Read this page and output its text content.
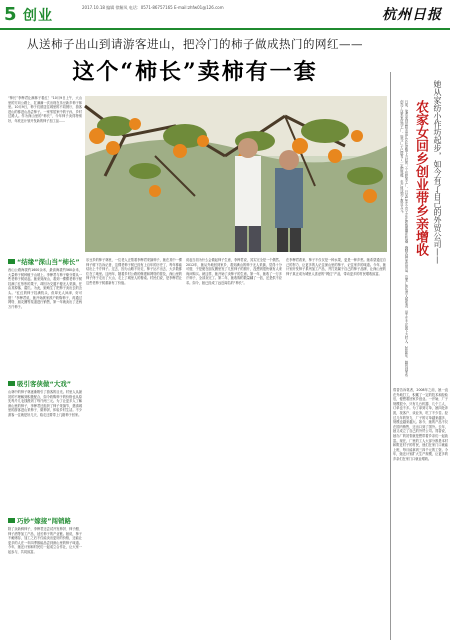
5 创业
2017.10.18 编辑 徐解凤 电话：0571-86757165 E-mail:zhfw01@126.com	杭州日报
从送柿子出山到请游客进山，把冷门的柿子做成热门的网红——
这个“柿长”卖柿有一套
“柿长”李榉君让满林子看红！”10月9日上午，大山里的方向公路上，扛满满一次出现在乐豆新乡柿子林里。10月9日，柿子们被送往城里的不同餐厅，游客进山的都进山品尝柿子。一家邻居家中的子孙，乡村过路人。作为深山里的“柿长”，今年柿子卖得特别好，年底还计划开发新的柿子加工品……
请扫二维码 浙中周 蔡伟 摄影
“结缘”深山当“柿长”
西山公路海拔约1600余米，最高海拔约560余米，大量柿子树种植于山坡上。李榉君与柿子缘分要从一些老柿子树说起。她来到深山，看到一棵棵老柿子树挂满了红彤彤的果子，却因为交通不便无人采摘，任由其掉落、腐烂。为此，她萌生了把柿子卖出去的念头。“红红的柿子挂满枝头，但却无人问津，好可惜！”李榉君说，她开始挨家挨户收购柿子，再通过网络、朋友圈等渠道进行销售，第一年就卖出了近两万斤柿子。
吸引客侠做“大戏”
山林中的柿子林逐渐吸引了游客的目光。村里人从最初的不理解到积极配合，如今收购柿子的价格也从原先每斤几毛钱涨到了每斤两三元。为了让更多人了解深山里的柿子，李榉君还组织了柿子采摘节，邀请城里的游客进山采柿子、做柿饼，体验乡村生活。不少游客一住就是好几天，临走还要带上几箱柿子回家。
巧妙“嫁接”闯销路
除了卖新鲜柿子，李榉君还尝试开发柿饼、柿子醋、柿子酒等加工产品，延长柿子的产业链。她说，柿子不耐储存，加工之后不仅能卖出更好的价格，还能让更多的人在一年四季都能品尝到深山里的柿子味道。今年，她还计划和村民们一起成立合作社，让大家一起参与，共同致富。
乐豆乡的柿子林里，一位老人正帮着李榉君采摘柿子，她在其中一棵柿子树下告诉记者，这棵老柿子树已经有上百年的历史了，每年都能结出上千斤柿子。过去，因为山路不好走，柿子运不出去，大多数都烂在了地里。这两年，随着乡村公路的修建和网络的普及，深山里的柿子终于走出了大山，走上了城里人的餐桌。村民们说，是李榉君让这些老柿子树重新有了价值。
说起当初为什么会做起柿子生意，李榉君说，其实完全是一个偶然。2012年，她从外地回到家乡，看到满山的柿子无人采摘，觉得十分可惜，于是便在朋友圈里发了几张柿子的照片，没想到很快就有人来询问购买。就这样，她开始了卖柿子的生意。第一年，她收了一万多斤柿子，全部卖完了。第二年，她收购的数量翻了一倍，还是供不应求。如今，她已经成了远近闻名的“柿长”。
在李榉君看来，柿子不仅仅是一种水果，更是一种乡愁。她希望通过自己的努力，让更多的人记住深山里的柿子，记住家乡的味道。今年，她计划开发柿子系列加工产品，并打造属于自己的柿子品牌，让深山里的柿子真正成为城里人喜爱的“网红”产品，带动更多的村民增收致富。	日前，笔者来到富阳市富江区杜泽镇下方村的一个纺织加工厂，只见10多个员工正在熟练地操作机器，缝制各种家纺用品。这家厂的负责人叫郑香，是土生土长的下方村人。2008年，她回到家乡，创办了这家家纺加工厂，如今厂子已经有了一定的规模，年产值达到了数百万元。 农家女回乡创业带乡亲增收 她从家纺小作坊起步，如今有了自己的外贸公司——
郑香告诉笔者，2008年之前，她一直在外地打工，积累了一定的技术和经验后，便想着回家乡创业。一开始，厂子规模很小，只有几台机器、几个工人，订单也不多。为了拿到订单，她四处奔波，找客户、谈业务，吃了不少苦。经过几年的努力，厂子的订单越来越多，规模也越来越大。如今，她的产品不仅在国内销售，还出口到了国外。去年，她又成立了自己的外贸公司。郑香说，她办厂的初衷就是想带着乡亲们一起致富。现在，厂里的工人大部分都是本村和附近村子的村民，他们在家门口就能上班，每月能拿到三四千元的工资。今年，她还计划扩大生产规模，让更多的乡亲们在家门口就业增收。
